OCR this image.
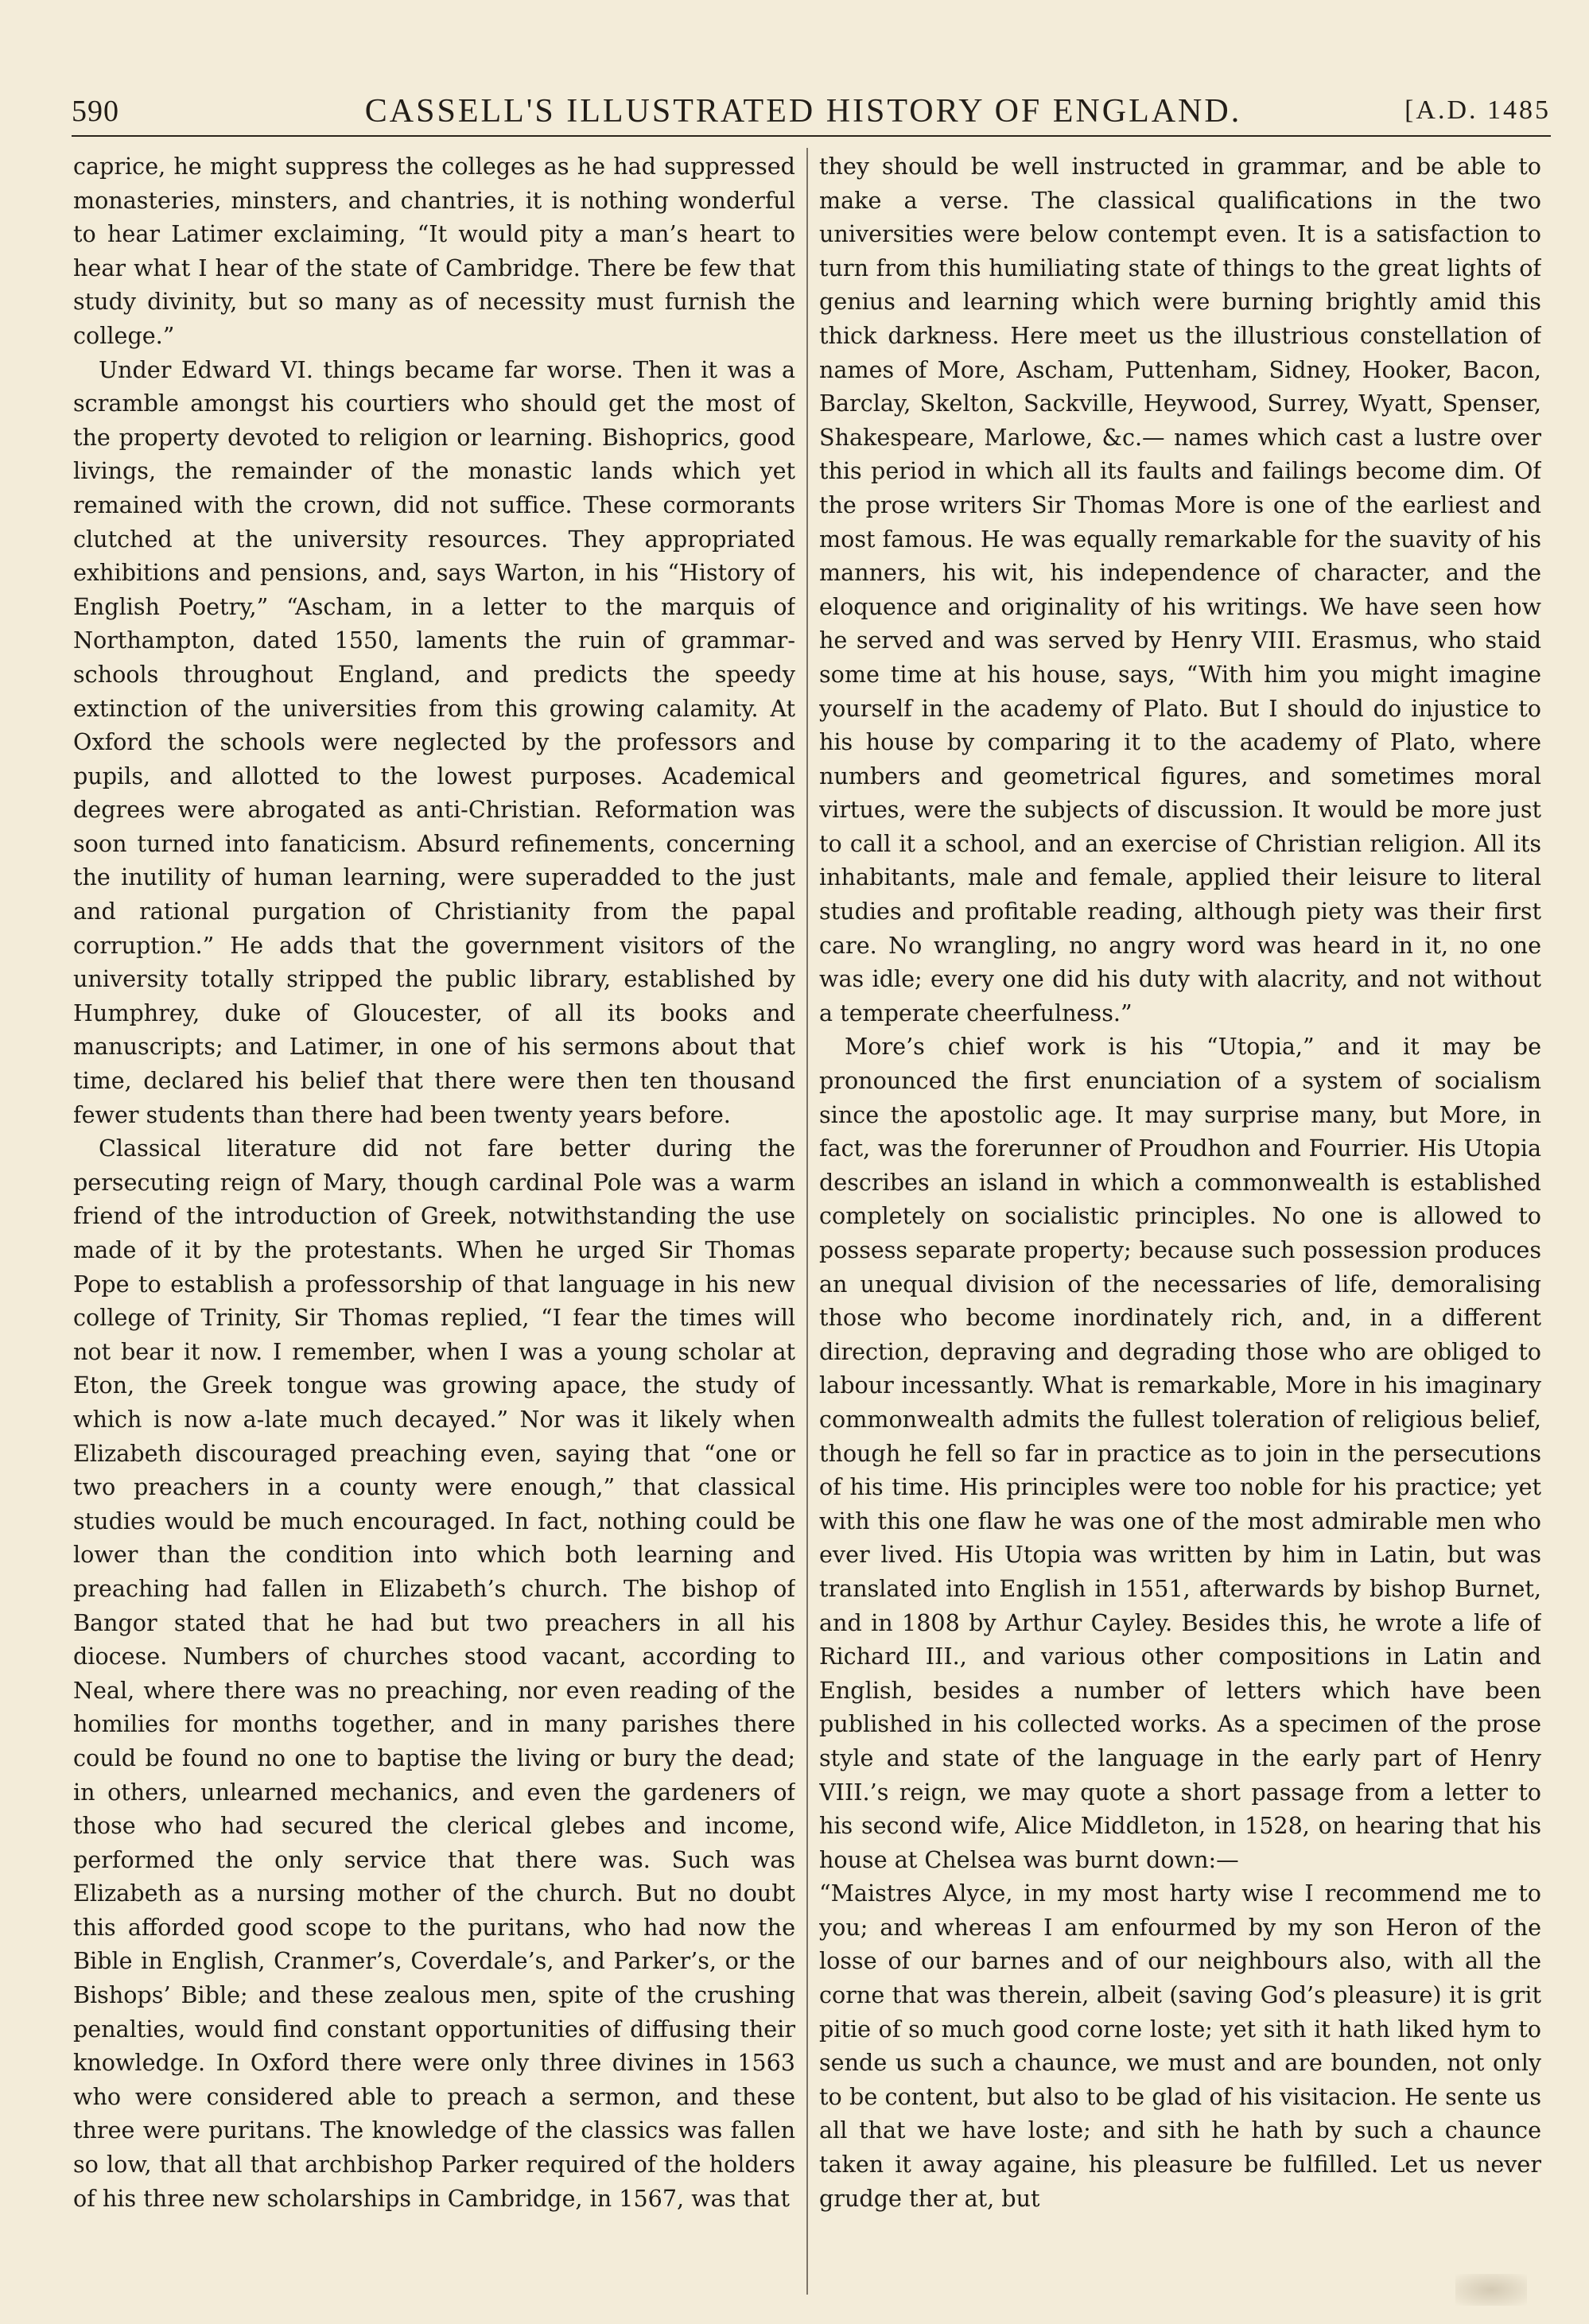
590	CASSELL'S ILLUSTRATED HISTORY OF ENGLAND.	[A.D. 1485

caprice, he might suppress the colleges as he had suppressed monasteries, minsters, and chantries, it is nothing wonderful to hear Latimer exclaiming, “It would pity a man’s heart to hear what I hear of the state of Cambridge. There be few that study divinity, but so many as of necessity must furnish the college.”

Under Edward VI. things became far worse. Then it was a scramble amongst his courtiers who should get the most of the property devoted to religion or learning. Bishoprics, good livings, the remainder of the monastic lands which yet remained with the crown, did not suffice. These cormorants clutched at the university resources. They appropriated exhibitions and pensions, and, says Warton, in his “History of English Poetry,” “Ascham, in a letter to the marquis of Northampton, dated 1550, laments the ruin of grammar-schools throughout England, and predicts the speedy extinction of the universities from this growing calamity. At Oxford the schools were neglected by the professors and pupils, and allotted to the lowest purposes. Academical degrees were abrogated as anti-Christian. Reformation was soon turned into fanaticism. Absurd refinements, concerning the inutility of human learning, were superadded to the just and rational purgation of Christianity from the papal corruption.” He adds that the government visitors of the university totally stripped the public library, established by Humphrey, duke of Gloucester, of all its books and manuscripts; and Latimer, in one of his sermons about that time, declared his belief that there were then ten thousand fewer students than there had been twenty years before.

Classical literature did not fare better during the persecuting reign of Mary, though cardinal Pole was a warm friend of the introduction of Greek, notwithstanding the use made of it by the protestants. When he urged Sir Thomas Pope to establish a professorship of that language in his new college of Trinity, Sir Thomas replied, “I fear the times will not bear it now. I remember, when I was a young scholar at Eton, the Greek tongue was growing apace, the study of which is now a-late much decayed.” Nor was it likely when Elizabeth discouraged preaching even, saying that “one or two preachers in a county were enough,” that classical studies would be much encouraged. In fact, nothing could be lower than the condition into which both learning and preaching had fallen in Elizabeth’s church. The bishop of Bangor stated that he had but two preachers in all his diocese. Numbers of churches stood vacant, according to Neal, where there was no preaching, nor even reading of the homilies for months together, and in many parishes there could be found no one to baptise the living or bury the dead; in others, unlearned mechanics, and even the gardeners of those who had secured the clerical glebes and income, performed the only service that there was. Such was Elizabeth as a nursing mother of the church. But no doubt this afforded good scope to the puritans, who had now the Bible in English, Cranmer’s, Coverdale’s, and Parker’s, or the Bishops’ Bible; and these zealous men, spite of the crushing penalties, would find constant opportunities of diffusing their knowledge. In Oxford there were only three divines in 1563 who were considered able to preach a sermon, and these three were puritans. The knowledge of the classics was fallen so low, that all that archbishop Parker required of the holders of his three new scholarships in Cambridge, in 1567, was that

they should be well instructed in grammar, and be able to make a verse. The classical qualifications in the two universities were below contempt even. It is a satisfaction to turn from this humiliating state of things to the great lights of genius and learning which were burning brightly amid this thick darkness. Here meet us the illustrious constellation of names of More, Ascham, Puttenham, Sidney, Hooker, Bacon, Barclay, Skelton, Sackville, Heywood, Surrey, Wyatt, Spenser, Shakespeare, Marlowe, &c.— names which cast a lustre over this period in which all its faults and failings become dim. Of the prose writers Sir Thomas More is one of the earliest and most famous. He was equally remarkable for the suavity of his manners, his wit, his independence of character, and the eloquence and originality of his writings. We have seen how he served and was served by Henry VIII. Erasmus, who staid some time at his house, says, “With him you might imagine yourself in the academy of Plato. But I should do injustice to his house by comparing it to the academy of Plato, where numbers and geometrical figures, and sometimes moral virtues, were the subjects of discussion. It would be more just to call it a school, and an exercise of Christian religion. All its inhabitants, male and female, applied their leisure to literal studies and profitable reading, although piety was their first care. No wrangling, no angry word was heard in it, no one was idle; every one did his duty with alacrity, and not without a temperate cheerfulness.”

More’s chief work is his “Utopia,” and it may be pronounced the first enunciation of a system of socialism since the apostolic age. It may surprise many, but More, in fact, was the forerunner of Proudhon and Fourrier. His Utopia describes an island in which a commonwealth is established completely on socialistic principles. No one is allowed to possess separate property; because such possession produces an unequal division of the necessaries of life, demoralising those who become inordinately rich, and, in a different direction, depraving and degrading those who are obliged to labour incessantly. What is remarkable, More in his imaginary commonwealth admits the fullest toleration of religious belief, though he fell so far in practice as to join in the persecutions of his time. His principles were too noble for his practice; yet with this one flaw he was one of the most admirable men who ever lived. His Utopia was written by him in Latin, but was translated into English in 1551, afterwards by bishop Burnet, and in 1808 by Arthur Cayley. Besides this, he wrote a life of Richard III., and various other compositions in Latin and English, besides a number of letters which have been published in his collected works. As a specimen of the prose style and state of the language in the early part of Henry VIII.’s reign, we may quote a short passage from a letter to his second wife, Alice Middleton, in 1528, on hearing that his house at Chelsea was burnt down:—

“Maistres Alyce, in my most harty wise I recommend me to you; and whereas I am enfourmed by my son Heron of the losse of our barnes and of our neighbours also, with all the corne that was therein, albeit (saving God’s pleasure) it is grit pitie of so much good corne loste; yet sith it hath liked hym to sende us such a chaunce, we must and are bounden, not only to be content, but also to be glad of his visitacion. He sente us all that we have loste; and sith he hath by such a chaunce taken it away againe, his pleasure be fulfilled. Let us never grudge ther at, but
